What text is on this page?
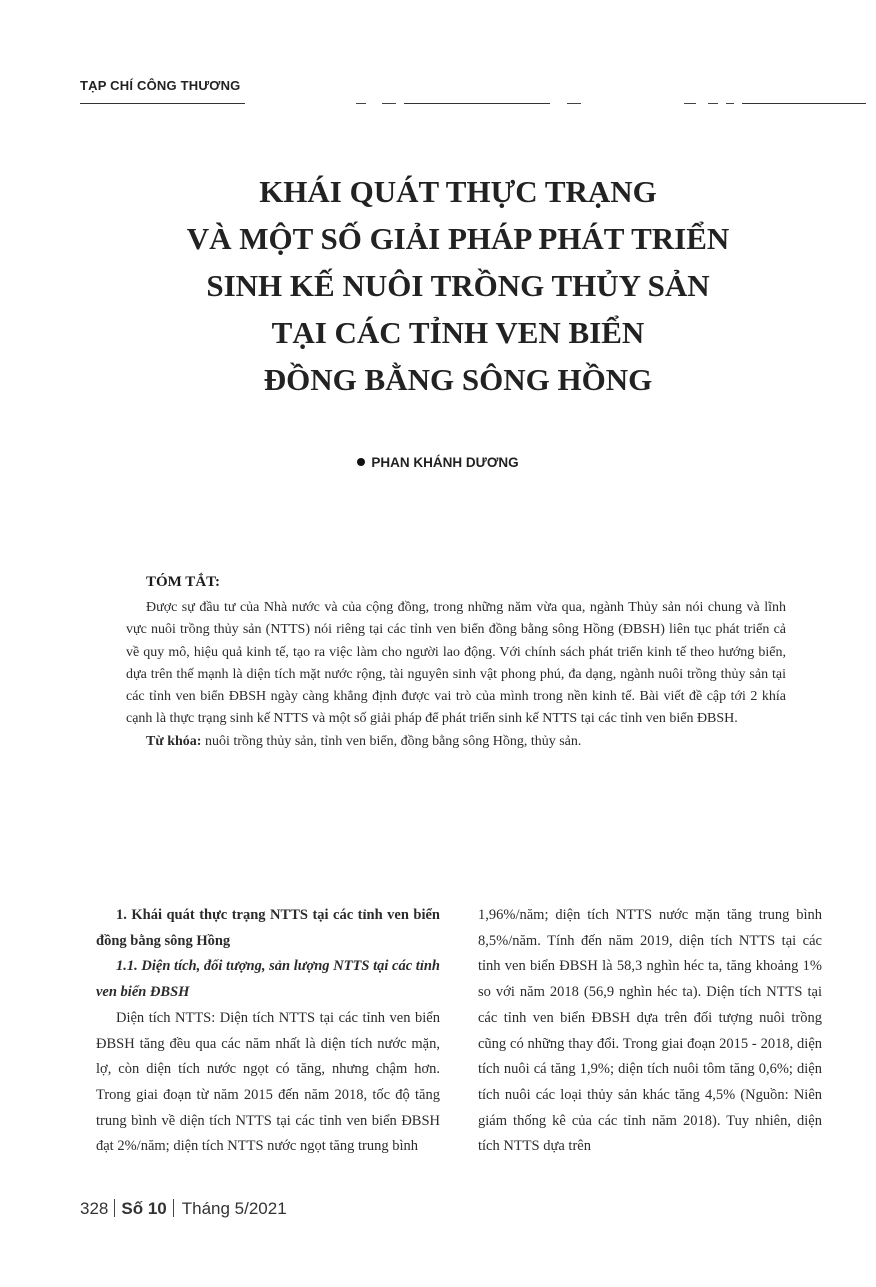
TẠP CHÍ CÔNG THƯƠNG
KHÁI QUÁT THỰC TRẠNG
VÀ MỘT SỐ GIẢI PHÁP PHÁT TRIỂN
SINH KẾ NUÔI TRỒNG THỦY SẢN
TẠI CÁC TỈNH VEN BIỂN
ĐỒNG BẰNG SÔNG HỒNG
PHAN KHÁNH DƯƠNG
TÓM TẮT:

Được sự đầu tư của Nhà nước và của cộng đồng, trong những năm vừa qua, ngành Thủy sản nói chung và lĩnh vực nuôi trồng thủy sản (NTTS) nói riêng tại các tỉnh ven biển đồng bằng sông Hồng (ĐBSH) liên tục phát triển cả về quy mô, hiệu quả kinh tế, tạo ra việc làm cho người lao động. Với chính sách phát triển kinh tế theo hướng biển, dựa trên thế mạnh là diện tích mặt nước rộng, tài nguyên sinh vật phong phú, đa dạng, ngành nuôi trồng thủy sản tại các tỉnh ven biển ĐBSH ngày càng khẳng định được vai trò của mình trong nền kinh tế. Bài viết đề cập tới 2 khía cạnh là thực trạng sinh kế NTTS và một số giải pháp để phát triển sinh kế NTTS tại các tỉnh ven biển ĐBSH.

Từ khóa: nuôi trồng thủy sản, tỉnh ven biển, đồng bằng sông Hồng, thủy sản.

1. Khái quát thực trạng NTTS tại các tỉnh ven biển đồng bằng sông Hồng

1.1. Diện tích, đối tượng, sản lượng NTTS tại các tỉnh ven biển ĐBSH

Diện tích NTTS: Diện tích NTTS tại các tỉnh ven biển ĐBSH tăng đều qua các năm nhất là diện tích nước mặn, lợ, còn diện tích nước ngọt có tăng, nhưng chậm hơn. Trong giai đoạn từ năm 2015 đến năm 2018, tốc độ tăng trung bình về diện tích NTTS tại các tỉnh ven biển ĐBSH đạt 2%/năm; diện tích NTTS nước ngọt tăng trung bình

1,96%/năm; diện tích NTTS nước mặn tăng trung bình 8,5%/năm. Tính đến năm 2019, diện tích NTTS tại các tỉnh ven biển ĐBSH là 58,3 nghìn héc ta, tăng khoảng 1% so với năm 2018 (56,9 nghìn héc ta). Diện tích NTTS tại các tỉnh ven biển ĐBSH dựa trên đối tượng nuôi trồng cũng có những thay đổi. Trong giai đoạn 2015 - 2018, diện tích nuôi cá tăng 1,9%; diện tích nuôi tôm tăng 0,6%; diện tích nuôi các loại thủy sản khác tăng 4,5% (Nguồn: Niên giám thống kê của các tỉnh năm 2018). Tuy nhiên, diện tích NTTS dựa trên

328 Số 10 Tháng 5/2021
